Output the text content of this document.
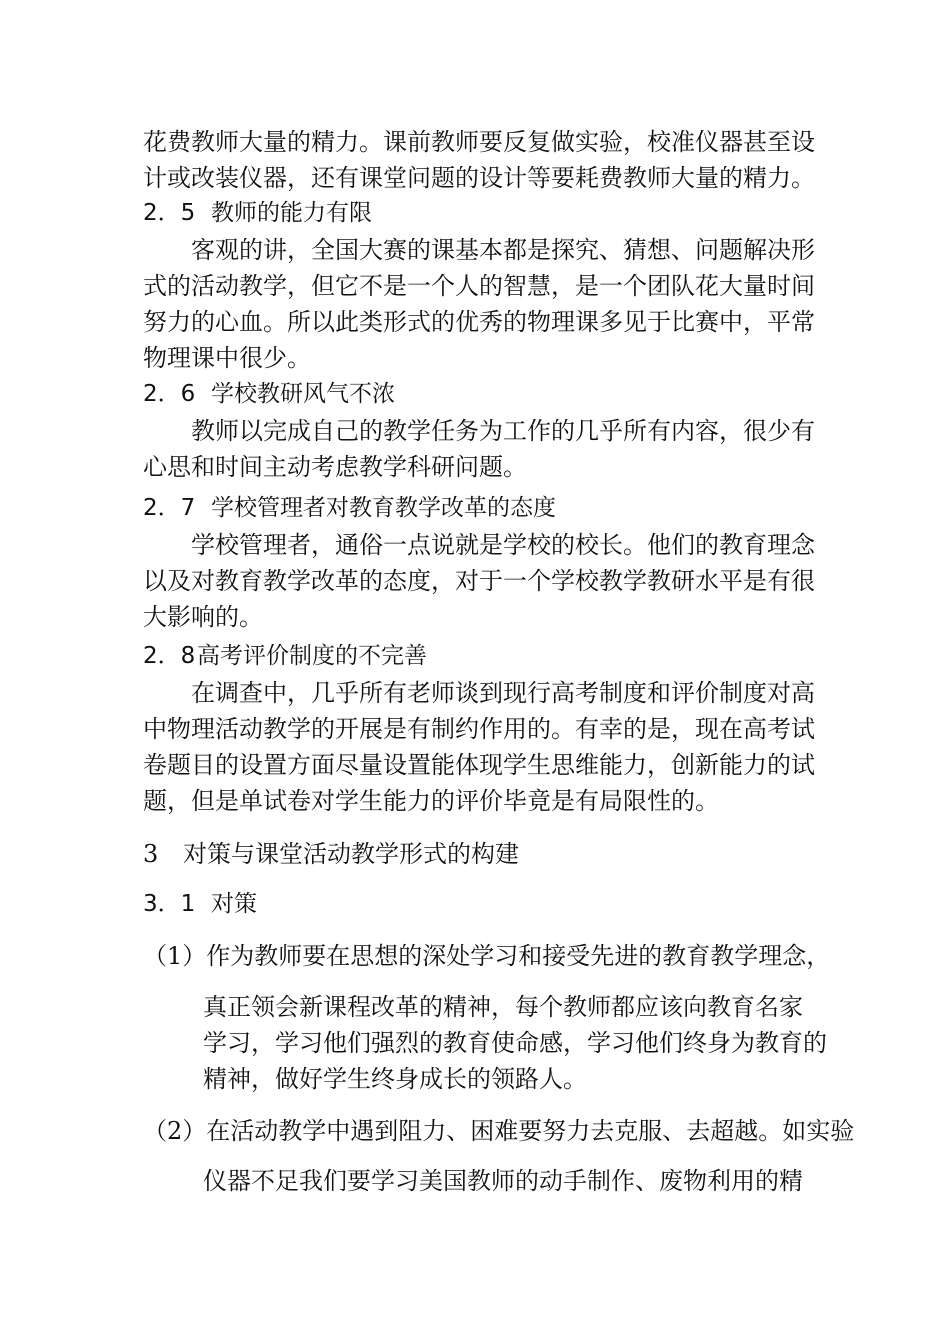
花费教师大量的精力。课前教师要反复做实验，校准仪器甚至设

计或改装仪器，还有课堂问题的设计等要耗费教师大量的精力。

2．5 教师的能力有限

客观的讲，全国大赛的课基本都是探究、猜想、问题解决形

式的活动教学，但它不是一个人的智慧，是一个团队花大量时间

努力的心血。所以此类形式的优秀的物理课多见于比赛中，平常

物理课中很少。

2．6 学校教研风气不浓

教师以完成自己的教学任务为工作的几乎所有内容，很少有

心思和时间主动考虑教学科研问题。

2．7 学校管理者对教育教学改革的态度

学校管理者，通俗一点说就是学校的校长。他们的教育理念

以及对教育教学改革的态度，对于一个学校教学教研水平是有很

大影响的。

2．8高考评价制度的不完善

在调查中，几乎所有老师谈到现行高考制度和评价制度对高

中物理活动教学的开展是有制约作用的。有幸的是，现在高考试

卷题目的设置方面尽量设置能体现学生思维能力，创新能力的试

题，但是单试卷对学生能力的评价毕竟是有局限性的。

3 对策与课堂活动教学形式的构建
3．1 对策

（1）作为教师要在思想的深处学习和接受先进的教育教学理念，

真正领会新课程改革的精神，每个教师都应该向教育名家

学习，学习他们强烈的教育使命感，学习他们终身为教育的

精神，做好学生终身成长的领路人。

（2）在活动教学中遇到阻力、困难要努力去克服、去超越。如实验

仪器不足我们要学习美国教师的动手制作、废物利用的精
